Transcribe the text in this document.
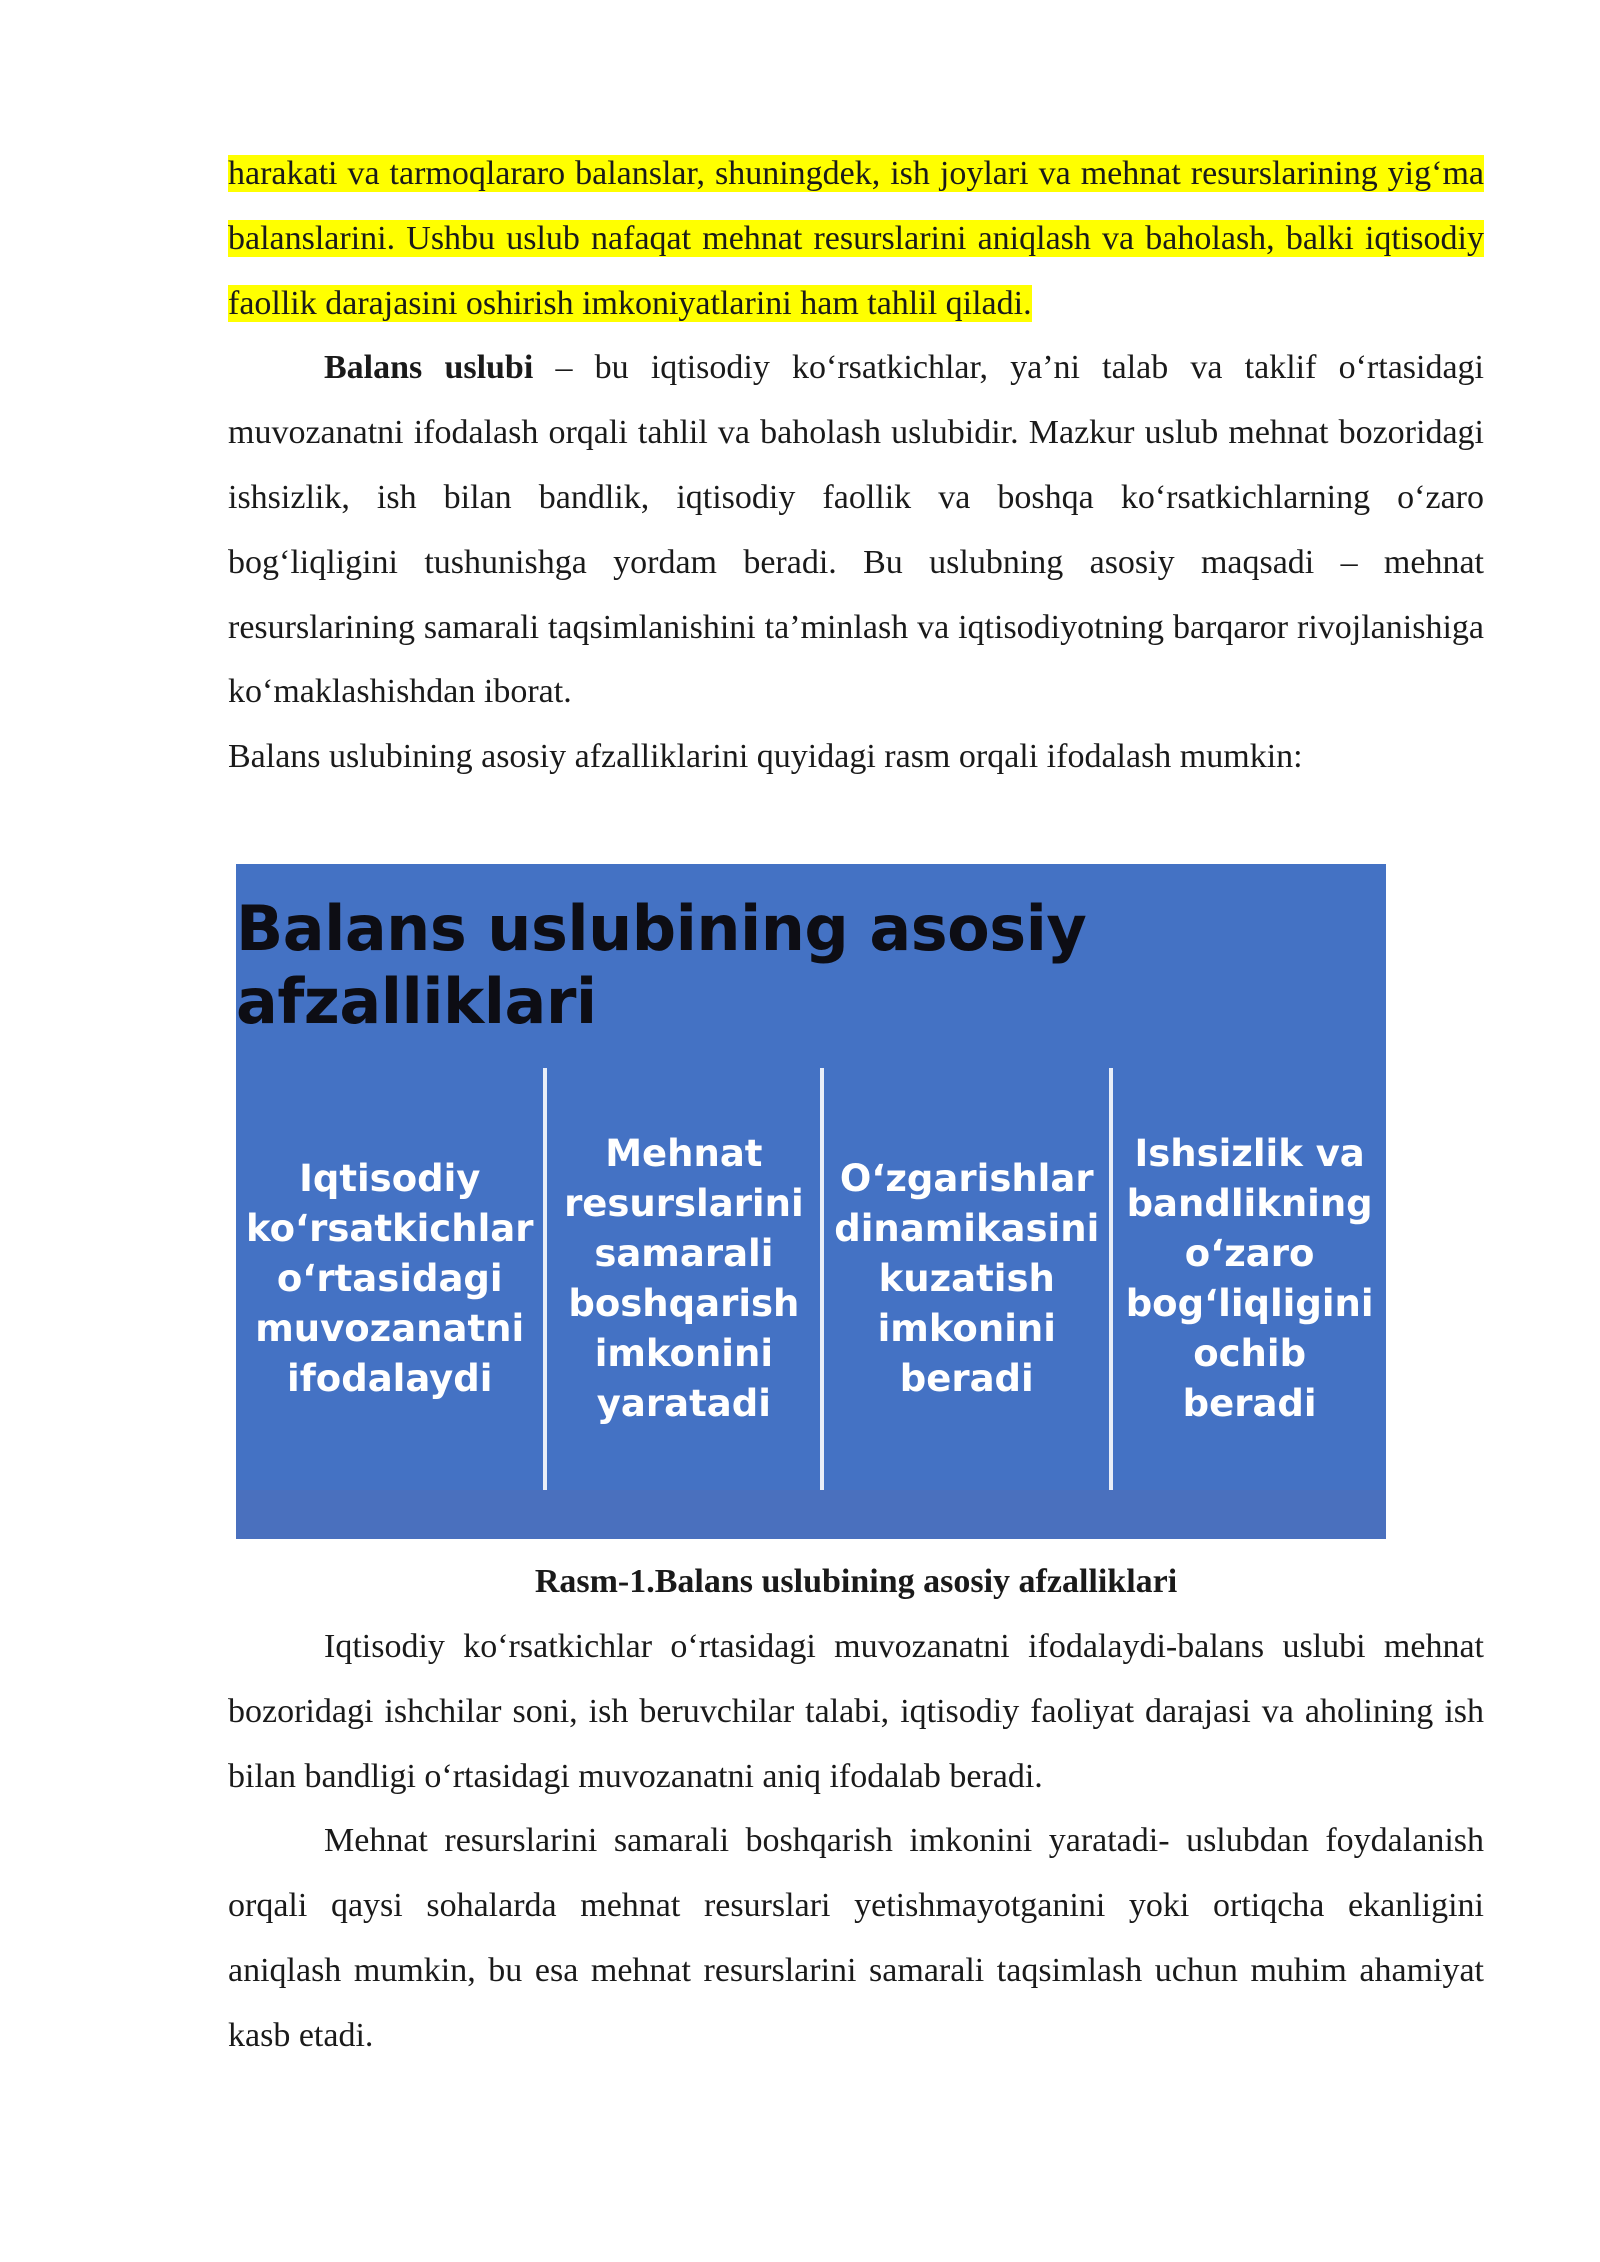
harakati va tarmoqlararo balanslar, shuningdek, ish joylari va mehnat resurslarining yig‘ma balanslarini. Ushbu uslub nafaqat mehnat resurslarini aniqlash va baholash, balki iqtisodiy faollik darajasini oshirish imkoniyatlarini ham tahlil qiladi.

Balans uslubi – bu iqtisodiy ko‘rsatkichlar, ya’ni talab va taklif o‘rtasidagi muvozanatni ifodalash orqali tahlil va baholash uslubidir. Mazkur uslub mehnat bozoridagi ishsizlik, ish bilan bandlik, iqtisodiy faollik va boshqa ko‘rsatkichlarning o‘zaro bog‘liqligini tushunishga yordam beradi. Bu uslubning asosiy maqsadi – mehnat resurslarining samarali taqsimlanishini ta’minlash va iqtisodiyotning barqaror rivojlanishiga ko‘maklashishdan iborat.

Balans uslubining asosiy afzalliklarini quyidagi rasm orqali ifodalash mumkin:

Balans uslubining asosiy afzalliklari
Iqtisodiy ko‘rsatkichlar o‘rtasidagi muvozanatni ifodalaydi
Mehnat resurslarini samarali boshqarish imkonini yaratadi
O‘zgarishlar dinamikasini kuzatish imkonini beradi
Ishsizlik va bandlikning o‘zaro bog‘liqligini ochib beradi
Rasm-1.Balans uslubining asosiy afzalliklari

Iqtisodiy ko‘rsatkichlar o‘rtasidagi muvozanatni ifodalaydi-balans uslubi mehnat bozoridagi ishchilar soni, ish beruvchilar talabi, iqtisodiy faoliyat darajasi va aholining ish bilan bandligi o‘rtasidagi muvozanatni aniq ifodalab beradi.

Mehnat resurslarini samarali boshqarish imkonini yaratadi- uslubdan foydalanish orqali qaysi sohalarda mehnat resurslari yetishmayotganini yoki ortiqcha ekanligini aniqlash mumkin, bu esa mehnat resurslarini samarali taqsimlash uchun muhim ahamiyat kasb etadi.
